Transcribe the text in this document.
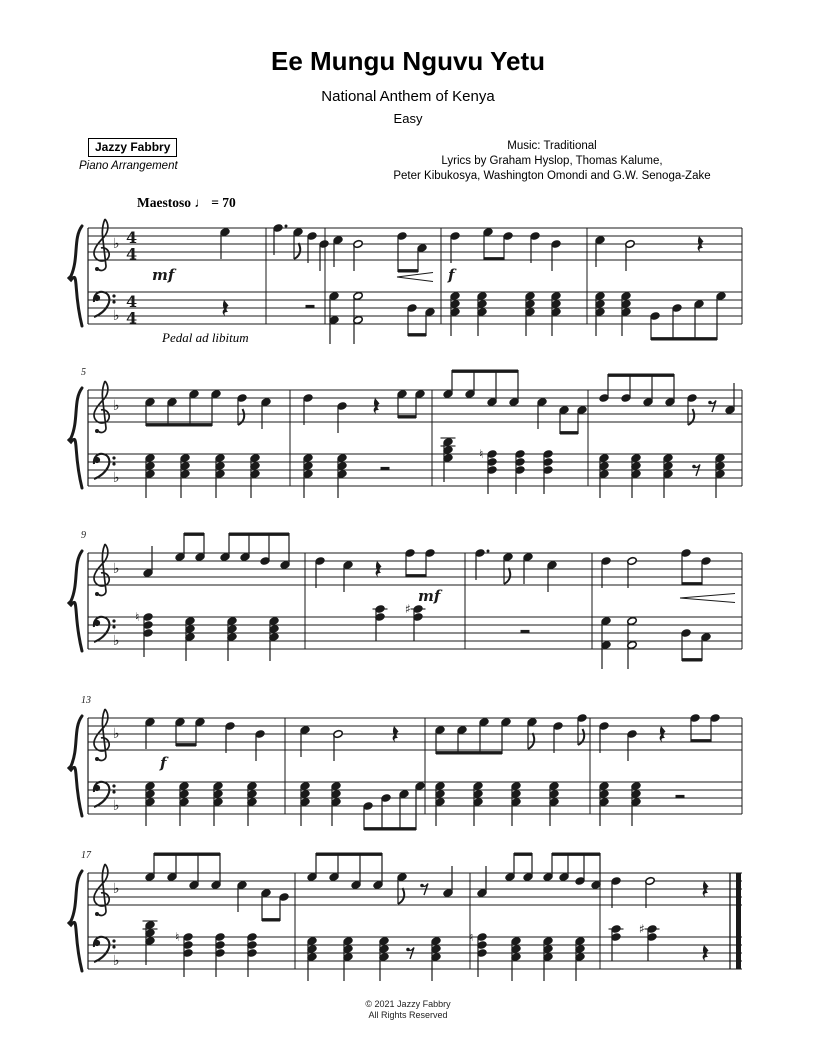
Ee Mungu Nguvu Yetu
National Anthem of Kenya
Easy
Jazzy Fabbry
Piano Arrangement
Music: Traditional
Lyrics by Graham Hyslop, Thomas Kalume,
Peter Kibukosya, Washington Omondi and G.W. Senoga-Zake
Maestoso ♩ = 70
Pedal ad libitum
♭
♭
4
4
4
4
mf	f
♭
♭
5
♮
♭
♭
9
♮
♯
mf
♭
♭
13
f
♭
♭
17
♮	♮
♯
© 2021 Jazzy Fabbry
All Rights Reserved
